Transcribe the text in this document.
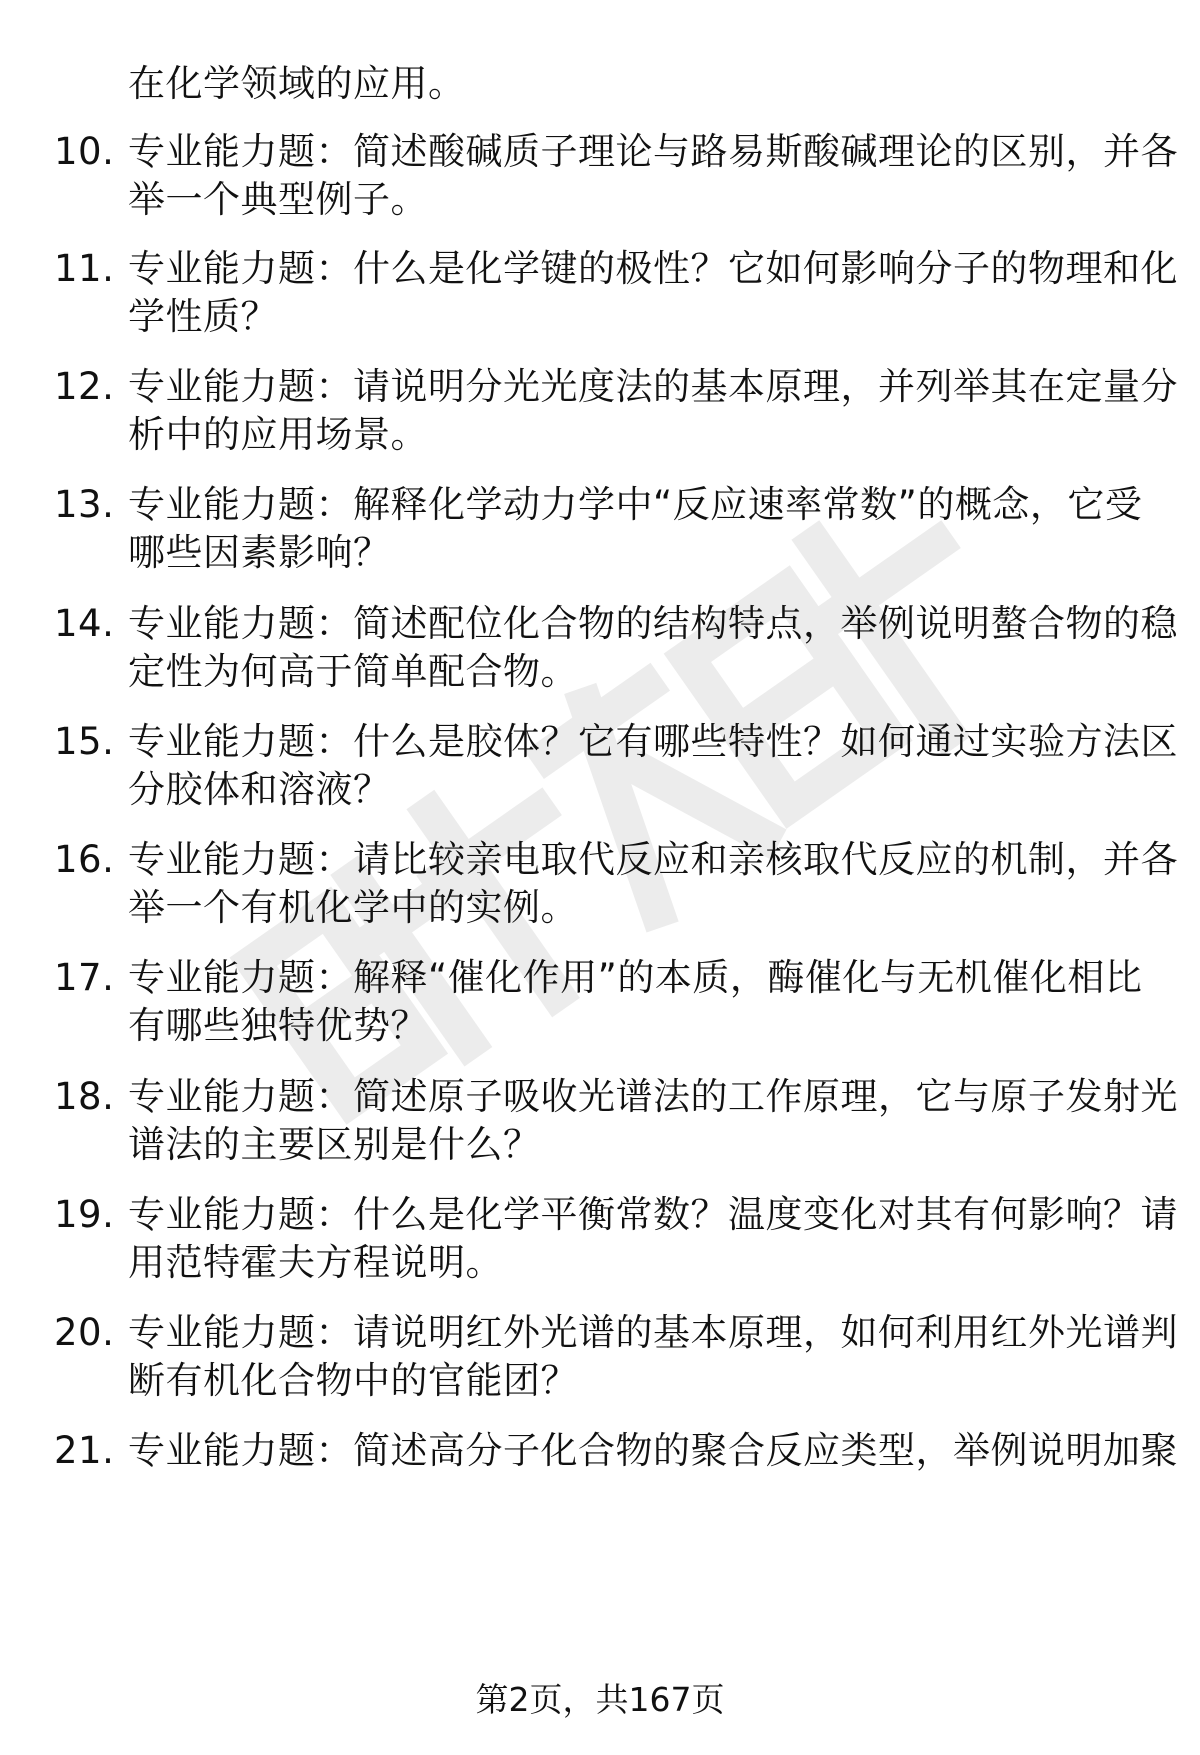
在化学领域的应用。
10. 专业能力题：简述酸碱质子理论与路易斯酸碱理论的区别，并各
举一个典型例子。
11. 专业能力题：什么是化学键的极性？它如何影响分子的物理和化
学性质？
12. 专业能力题：请说明分光光度法的基本原理，并列举其在定量分
析中的应用场景。
13. 专业能力题：解释化学动力学中“反应速率常数”的概念，它受
哪些因素影响？
14. 专业能力题：简述配位化合物的结构特点，举例说明螯合物的稳
定性为何高于简单配合物。
15. 专业能力题：什么是胶体？它有哪些特性？如何通过实验方法区
分胶体和溶液？
16. 专业能力题：请比较亲电取代反应和亲核取代反应的机制，并各
举一个有机化学中的实例。
17. 专业能力题：解释“催化作用”的本质，酶催化与无机催化相比
有哪些独特优势？
18. 专业能力题：简述原子吸收光谱法的工作原理，它与原子发射光
谱法的主要区别是什么？
19. 专业能力题：什么是化学平衡常数？温度变化对其有何影响？请
用范特霍夫方程说明。
20. 专业能力题：请说明红外光谱的基本原理，如何利用红外光谱判
断有机化合物中的官能团？
21. 专业能力题：简述高分子化合物的聚合反应类型，举例说明加聚
第2页，共167页
